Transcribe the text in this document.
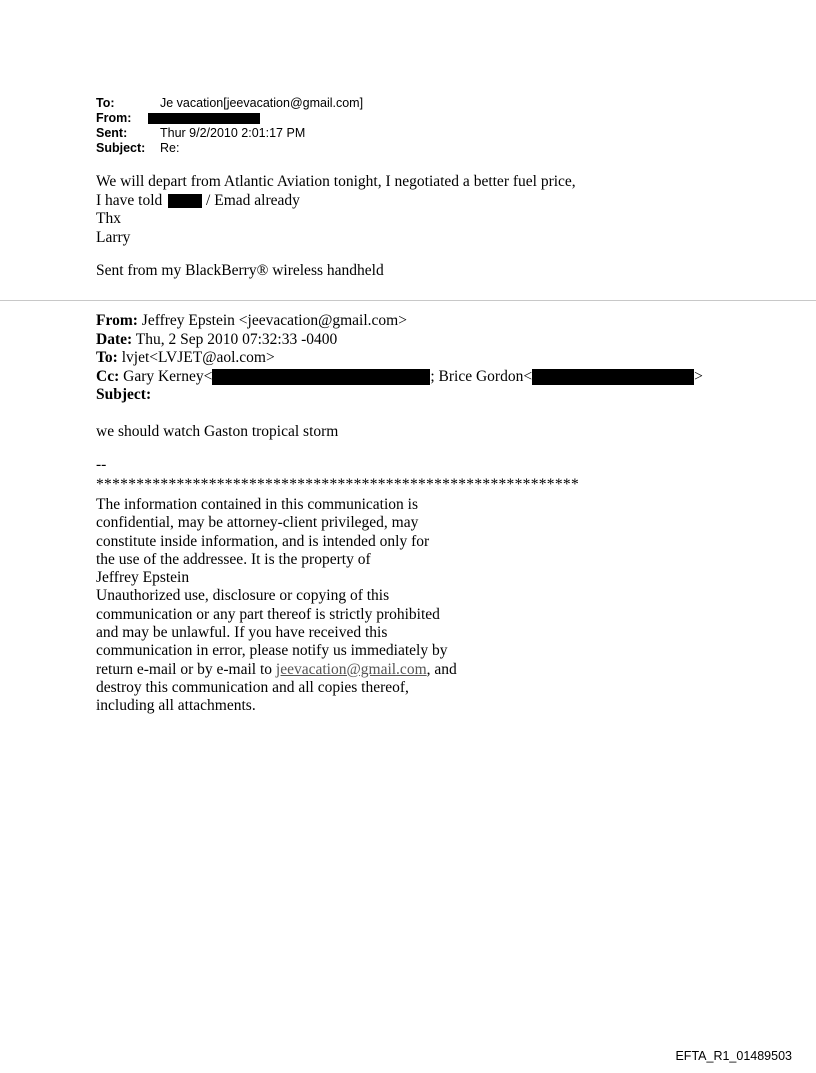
To:	Je vacation[jeevacation@gmail.com]
From:
Sent:	Thur 9/2/2010 2:01:17 PM
Subject:	Re:

We will depart from Atlantic Aviation tonight, I negotiated a better fuel price,

I have told	/ Emad already

Thx

Larry

Sent from my BlackBerry® wireless handheld
From: Jeffrey Epstein <jeevacation@gmail.com>
Date: Thu, 2 Sep 2010 07:32:33 -0400
To: lvjet<LVJET@aol.com>
Cc: Gary Kerney<	; Brice Gordon<	>
Subject:
we should watch Gaston tropical storm
--
************************************************************

The information contained in this communication is

confidential, may be attorney-client privileged, may

constitute inside information, and is intended only for

the use of the addressee. It is the property of

Jeffrey Epstein

Unauthorized use, disclosure or copying of this

communication or any part thereof is strictly prohibited

and may be unlawful. If you have received this

communication in error, please notify us immediately by

return e-mail or by e-mail to jeevacation@gmail.com, and

destroy this communication and all copies thereof,

including all attachments.

EFTA_R1_01489503
